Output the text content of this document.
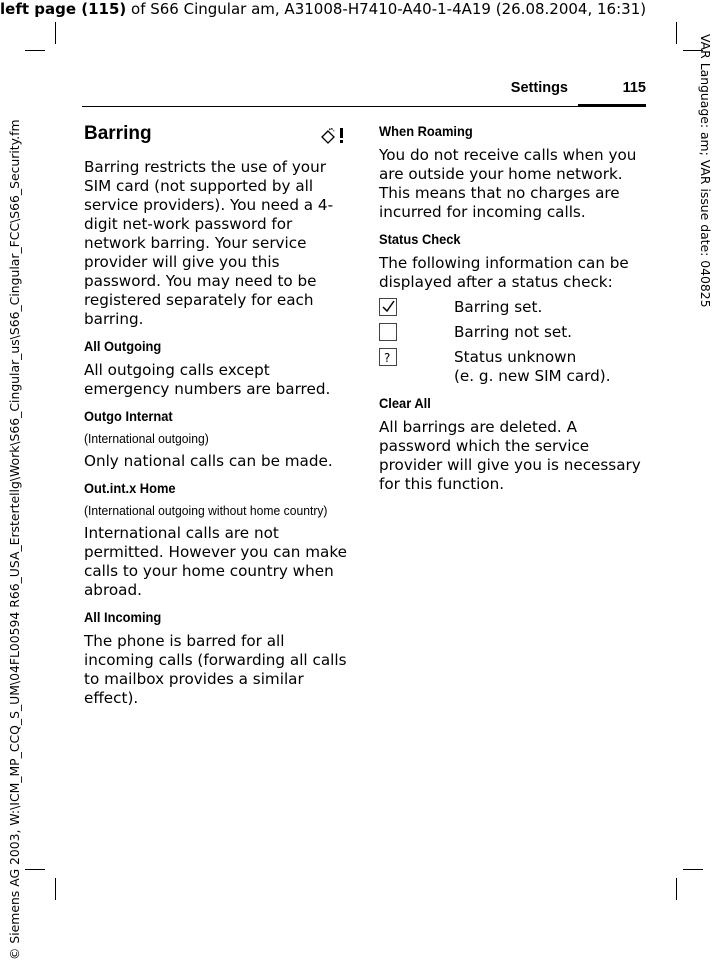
left page (115) of S66 Cingular am, A31008-H7410-A40-1-4A19 (26.08.2004, 16:31)
© Siemens AG 2003, W:\ICM_MP_CCQ_S_UM\04FL00594 R66_USA_Erstertellg\Work\S66_Cingular_us\S66_Cingular_FCC\S66_Security.fm	VAR Language: am; VAR issue date: 040825
Settings	115
Barring

Barring restricts the use of your SIM card (not supported by all service providers). You need a 4-digit net-work password for network barring. Your service provider will give you this password. You may need to be registered separately for each barring.

All Outgoing

All outgoing calls except emergency numbers are barred.

Outgo Internat
(International outgoing)

Only national calls can be made.

Out.int.x Home
(International outgoing without home country)

International calls are not permitted. However you can make calls to your home country when abroad.

All Incoming

The phone is barred for all incoming calls (forwarding all calls to mailbox provides a similar effect).

When Roaming

You do not receive calls when you are outside your home network. This means that no charges are incurred for incoming calls.

Status Check

The following information can be displayed after a status check:

Barring set.
Barring not set.
?	Status unknown
(e. g. new SIM card).
Clear All

All barrings are deleted. A password which the service provider will give you is necessary for this function.
